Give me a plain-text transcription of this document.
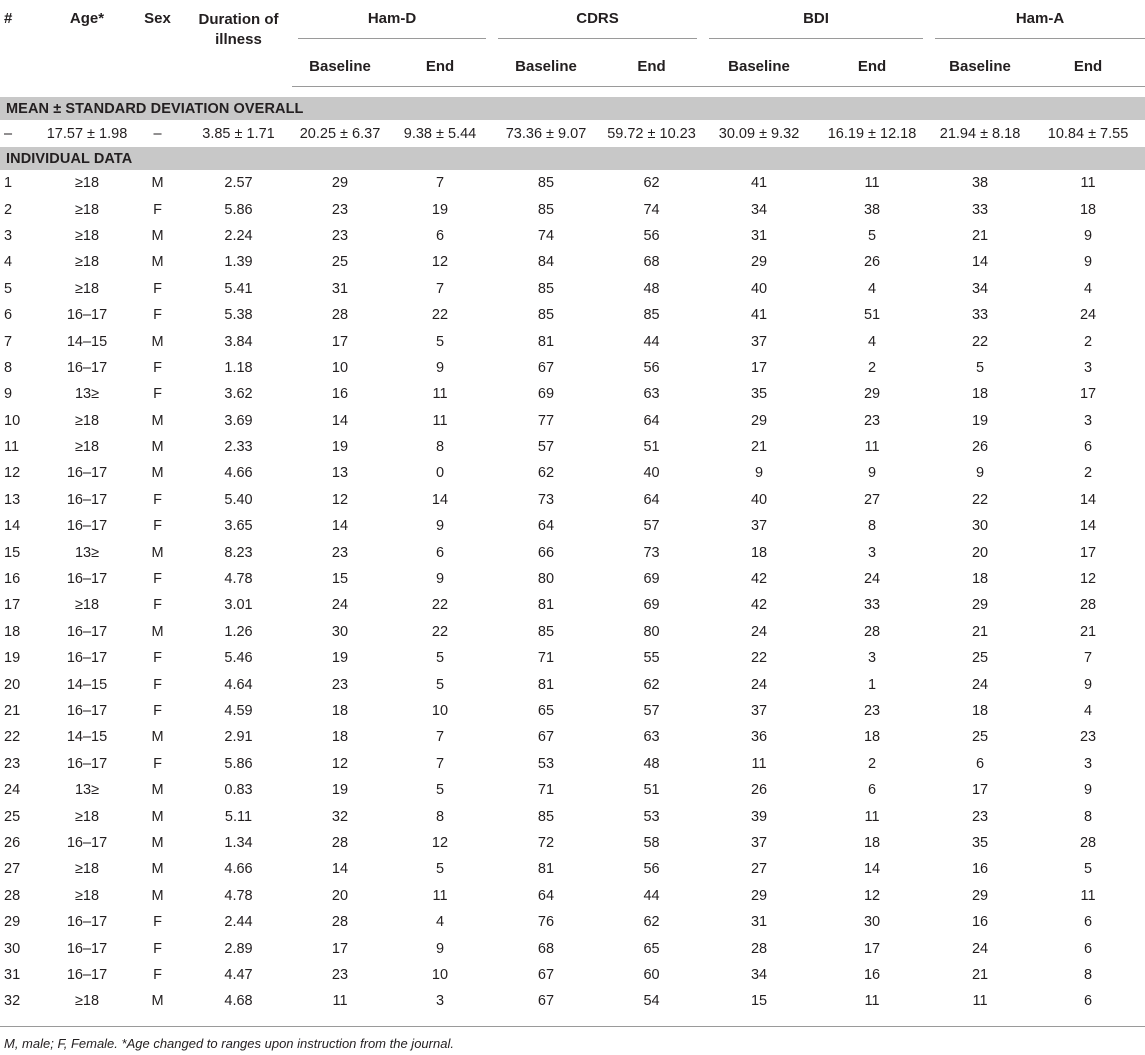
#	Age*	Sex	Duration of illness	Ham-D		CDRS		BDI		Ham-A	

				Baseline	End	Baseline	End	Baseline	End	Baseline	End

MEAN ± STANDARD DEVIATION OVERALL											
–	17.57 ± 1.98	–	3.85 ± 1.71	20.25 ± 6.37	9.38 ± 5.44	73.36 ± 9.07	59.72 ± 10.23	30.09 ± 9.32	16.19 ± 12.18	21.94 ± 8.18	10.84 ± 7.55
INDIVIDUAL DATA											
1	≥18	M	2.57	29	7	85	62	41	11	38	11
2	≥18	F	5.86	23	19	85	74	34	38	33	18
3	≥18	M	2.24	23	6	74	56	31	5	21	9
4	≥18	M	1.39	25	12	84	68	29	26	14	9
5	≥18	F	5.41	31	7	85	48	40	4	34	4
6	16–17	F	5.38	28	22	85	85	41	51	33	24
7	14–15	M	3.84	17	5	81	44	37	4	22	2
8	16–17	F	1.18	10	9	67	56	17	2	5	3
9	13≥	F	3.62	16	11	69	63	35	29	18	17
10	≥18	M	3.69	14	11	77	64	29	23	19	3
11	≥18	M	2.33	19	8	57	51	21	11	26	6
12	16–17	M	4.66	13	0	62	40	9	9	9	2
13	16–17	F	5.40	12	14	73	64	40	27	22	14
14	16–17	F	3.65	14	9	64	57	37	8	30	14
15	13≥	M	8.23	23	6	66	73	18	3	20	17
16	16–17	F	4.78	15	9	80	69	42	24	18	12
17	≥18	F	3.01	24	22	81	69	42	33	29	28
18	16–17	M	1.26	30	22	85	80	24	28	21	21
19	16–17	F	5.46	19	5	71	55	22	3	25	7
20	14–15	F	4.64	23	5	81	62	24	1	24	9
21	16–17	F	4.59	18	10	65	57	37	23	18	4
22	14–15	M	2.91	18	7	67	63	36	18	25	23
23	16–17	F	5.86	12	7	53	48	11	2	6	3
24	13≥	M	0.83	19	5	71	51	26	6	17	9
25	≥18	M	5.11	32	8	85	53	39	11	23	8
26	16–17	M	1.34	28	12	72	58	37	18	35	28
27	≥18	M	4.66	14	5	81	56	27	14	16	5
28	≥18	M	4.78	20	11	64	44	29	12	29	11
29	16–17	F	2.44	28	4	76	62	31	30	16	6
30	16–17	F	2.89	17	9	68	65	28	17	24	6
31	16–17	F	4.47	23	10	67	60	34	16	21	8
32	≥18	M	4.68	11	3	67	54	15	11	11	6
M, male; F, Female. *Age changed to ranges upon instruction from the journal.
